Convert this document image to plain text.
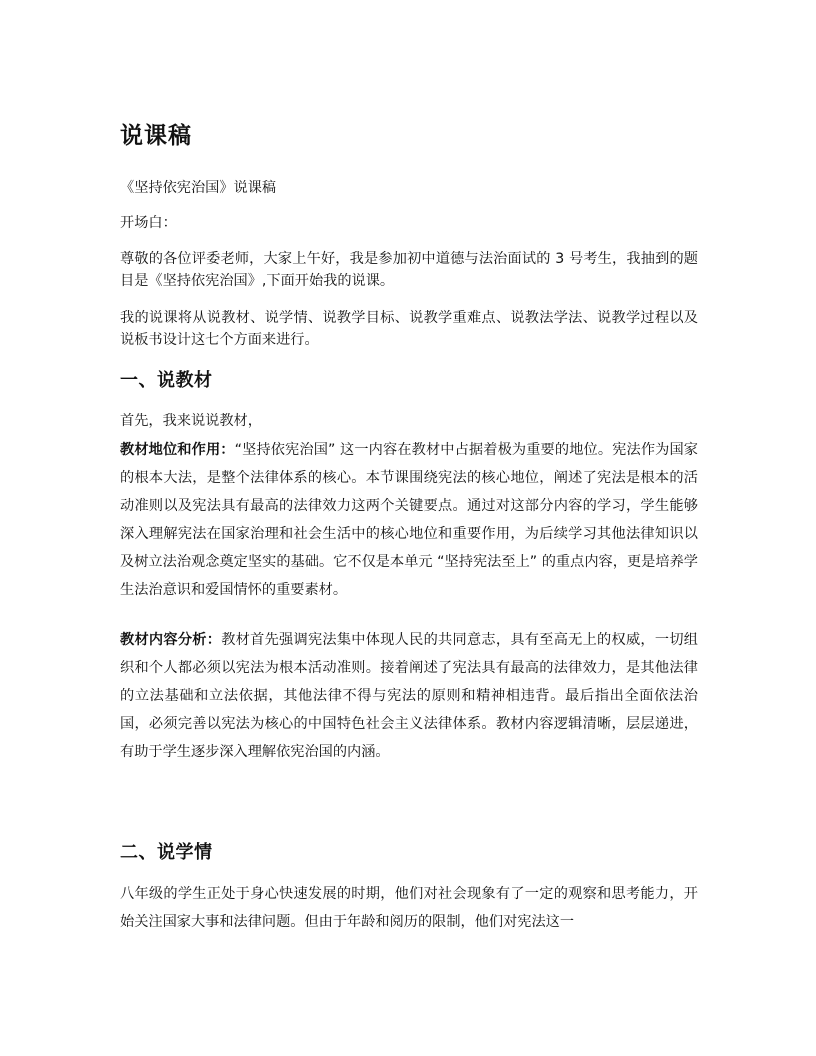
说课稿

《坚持依宪治国》说课稿

开场白：

尊敬的各位评委老师，大家上午好，我是参加初中道德与法治面试的 3 号考生，我抽到的题目是《坚持依宪治国》,下面开始我的说课。

我的说课将从说教材、说学情、说教学目标、说教学重难点、说教法学法、说教学过程以及说板书设计这七个方面来进行。

一、说教材

首先，我来说说教材，

教材地位和作用：“坚持依宪治国” 这一内容在教材中占据着极为重要的地位。宪法作为国家的根本大法，是整个法律体系的核心。本节课围绕宪法的核心地位，阐述了宪法是根本的活动准则以及宪法具有最高的法律效力这两个关键要点。通过对这部分内容的学习，学生能够深入理解宪法在国家治理和社会生活中的核心地位和重要作用，为后续学习其他法律知识以及树立法治观念奠定坚实的基础。它不仅是本单元 “坚持宪法至上” 的重点内容，更是培养学生法治意识和爱国情怀的重要素材。

教材内容分析：教材首先强调宪法集中体现人民的共同意志，具有至高无上的权威，一切组织和个人都必须以宪法为根本活动准则。接着阐述了宪法具有最高的法律效力，是其他法律的立法基础和立法依据，其他法律不得与宪法的原则和精神相违背。最后指出全面依法治国，必须完善以宪法为核心的中国特色社会主义法律体系。教材内容逻辑清晰，层层递进，有助于学生逐步深入理解依宪治国的内涵。

二、说学情

八年级的学生正处于身心快速发展的时期，他们对社会现象有了一定的观察和思考能力，开始关注国家大事和法律问题。但由于年龄和阅历的限制，他们对宪法这一
